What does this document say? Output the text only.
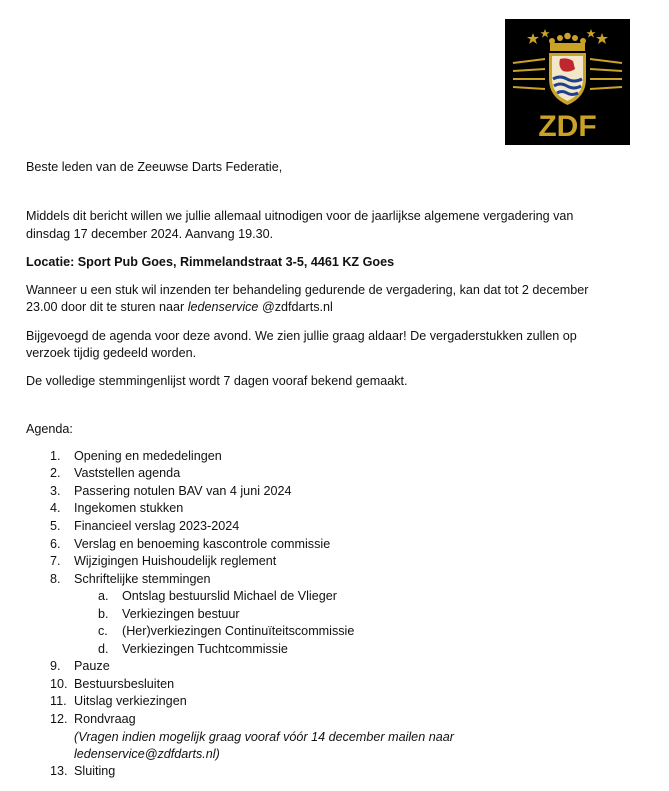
ZDF
Beste leden van de Zeeuwse Darts Federatie,
Middels dit bericht willen we jullie allemaal uitnodigen voor de jaarlijkse algemene vergadering van
dinsdag 17 december 2024. Aanvang 19.30.
Locatie: Sport Pub Goes, Rimmelandstraat 3-5, 4461 KZ Goes
Wanneer u een stuk wil inzenden ter behandeling gedurende de vergadering, kan dat tot 2 december
23.00 door dit te sturen naar ledenservice @zdfdarts.nl
Bijgevoegd de agenda voor deze avond. We zien jullie graag aldaar! De vergaderstukken zullen op
verzoek tijdig gedeeld worden.
De volledige stemmingenlijst wordt 7 dagen vooraf bekend gemaakt.
Agenda:
1. Opening en mededelingen
2. Vaststellen agenda
3. Passering notulen BAV van 4 juni 2024
4. Ingekomen stukken
5. Financieel verslag 2023-2024
6. Verslag en benoeming kascontrole commissie
7. Wijzigingen Huishoudelijk reglement
8. Schriftelijke stemmingen
a. Ontslag bestuurslid Michael de Vlieger
b. Verkiezingen bestuur
c. (Her)verkiezingen Continuïteitscommissie
d. Verkiezingen Tuchtcommissie
9. Pauze
10. Bestuursbesluiten
11. Uitslag verkiezingen
12. Rondvraag
(Vragen indien mogelijk graag vooraf vóór 14 december mailen naar
ledenservice@zdfdarts.nl)
13. Sluiting
